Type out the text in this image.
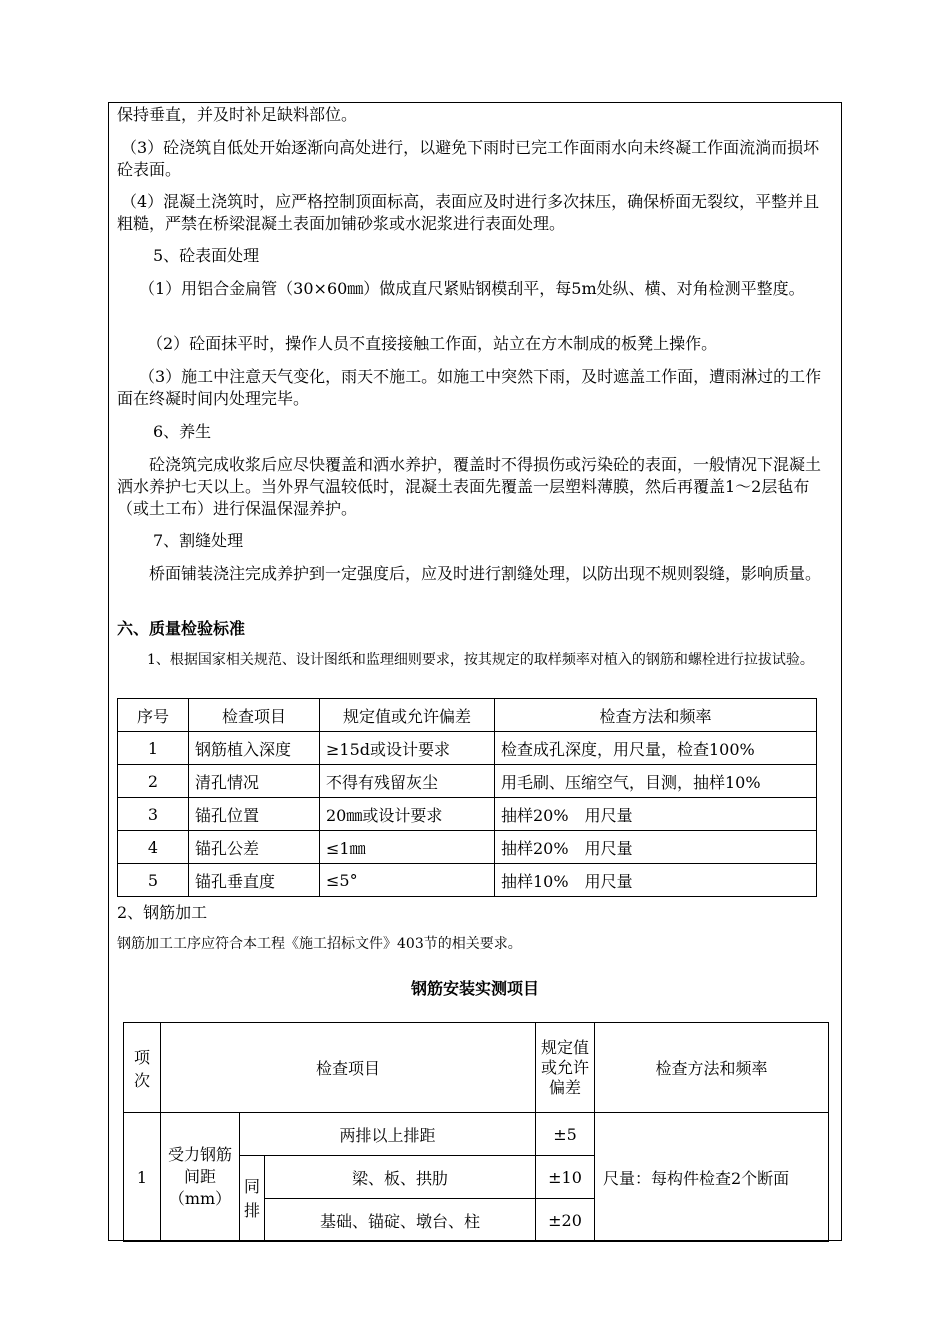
保持垂直，并及时补足缺料部位。

（3）砼浇筑自低处开始逐渐向高处进行，以避免下雨时已完工作面雨水向未终凝工作面流淌而损坏砼表面。

（4）混凝土浇筑时，应严格控制顶面标高，表面应及时进行多次抹压，确保桥面无裂纹，平整并且粗糙，严禁在桥梁混凝土表面加铺砂浆或水泥浆进行表面处理。

5、砼表面处理

（1）用铝合金扁管（30×60㎜）做成直尺紧贴钢模刮平，每5m处纵、横、对角检测平整度。

（2）砼面抹平时，操作人员不直接接触工作面，站立在方木制成的板凳上操作。

（3）施工中注意天气变化，雨天不施工。如施工中突然下雨，及时遮盖工作面，遭雨淋过的工作面在终凝时间内处理完毕。

6、养生

砼浇筑完成收浆后应尽快覆盖和洒水养护，覆盖时不得损伤或污染砼的表面，一般情况下混凝土洒水养护七天以上。当外界气温较低时，混凝土表面先覆盖一层塑料薄膜，然后再覆盖1～2层毡布（或土工布）进行保温保湿养护。

7、割缝处理

桥面铺装浇注完成养护到一定强度后，应及时进行割缝处理，以防出现不规则裂缝，影响质量。

六、质量检验标准

1、根据国家相关规范、设计图纸和监理细则要求，按其规定的取样频率对植入的钢筋和螺栓进行拉拔试验。

序号	检查项目	规定值或允许偏差	检查方法和频率
1	钢筋植入深度	≥15d或设计要求	检查成孔深度，用尺量，检查100%
2	清孔情况	不得有残留灰尘	用毛刷、压缩空气，目测，抽样10%
3	锚孔位置	20㎜或设计要求	抽样20%　用尺量
4	锚孔公差	≤1㎜	抽样20%　用尺量
5	锚孔垂直度	≤5°	抽样10%　用尺量

2、钢筋加工

钢筋加工工序应符合本工程《施工招标文件》403节的相关要求。

钢筋安装实测项目
项次	检查项目			规定值或允许偏差	检查方法和频率
1	受力钢筋间距（mm）	两排以上排距		±5	尺量：每构件检查2个断面
		同排	梁、板、拱肋	±10	
			基础、锚碇、墩台、柱	±20	
